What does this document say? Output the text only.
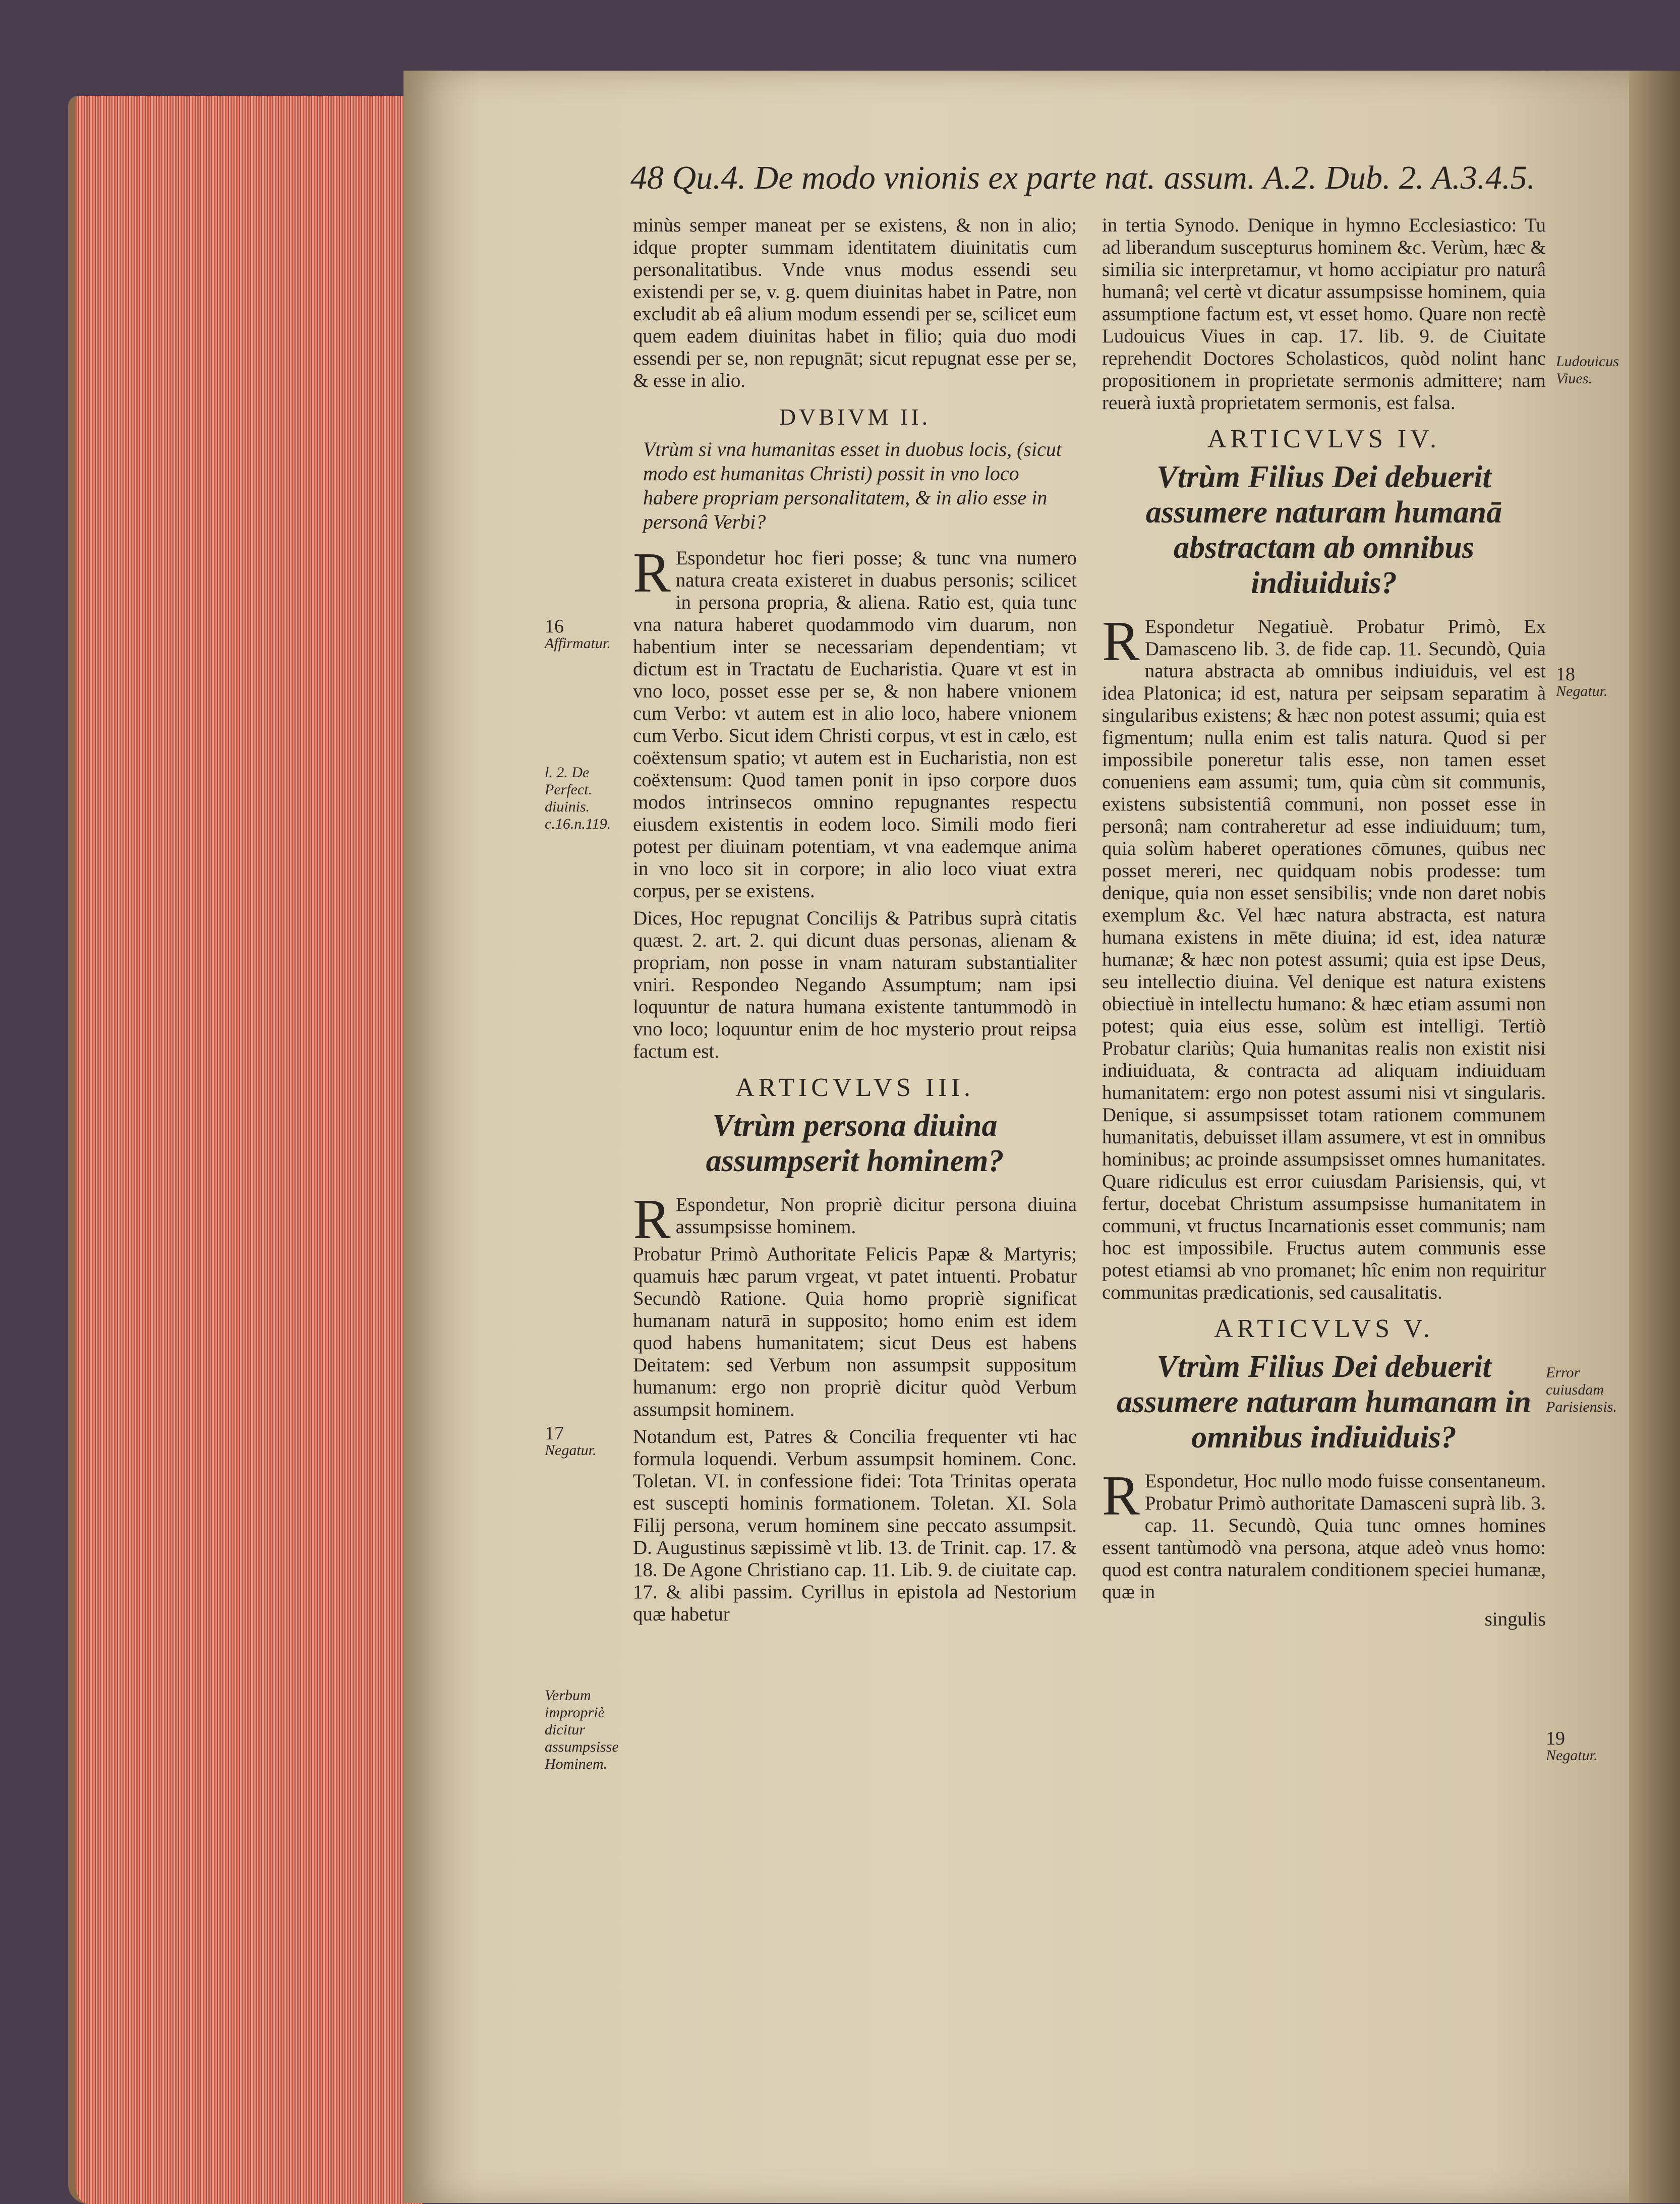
48 Qu.4. De modo vnionis ex parte nat. assum. A.2. Dub. 2. A.3.4.5.

minùs semper maneat per se existens, & non in alio; idque propter summam identitatem diuinitatis cum personalitatibus. Vnde vnus modus essendi seu existendi per se, v. g. quem diuinitas habet in Patre, non excludit ab eâ alium modum essendi per se, scilicet eum quem eadem diuinitas habet in filio; quia duo modi essendi per se, non repugnāt; sicut repugnat esse per se, & esse in alio.

DVBIVM II.
Vtrùm si vna humanitas esset in duobus locis, (sicut modo est humanitas Christi) possit in vno loco habere propriam personalitatem, & in alio esse in personâ Verbi?

R Espondetur hoc fieri posse; & tunc vna numero natura creata existeret in duabus personis; scilicet in persona propria, & aliena. Ratio est, quia tunc vna natura haberet quodammodo vim duarum, non habentium inter se necessariam dependentiam; vt dictum est in Tractatu de Eucharistia. Quare vt est in vno loco, posset esse per se, & non habere vnionem cum Verbo: vt autem est in alio loco, habere vnionem cum Verbo. Sicut idem Christi corpus, vt est in cælo, est coëxtensum spatio; vt autem est in Eucharistia, non est coëxtensum: Quod tamen ponit in ipso corpore duos modos intrinsecos omnino repugnantes respectu eiusdem existentis in eodem loco. Simili modo fieri potest per diuinam potentiam, vt vna eademque anima in vno loco sit in corpore; in alio loco viuat extra corpus, per se existens.

Dices, Hoc repugnat Concilijs & Patribus suprà citatis quæst. 2. art. 2. qui dicunt duas personas, alienam & propriam, non posse in vnam naturam substantialiter vniri. Respondeo Negando Assumptum; nam ipsi loquuntur de natura humana existente tantummodò in vno loco; loquuntur enim de hoc mysterio prout reipsa factum est.

ARTICVLVS III.
Vtrùm persona diuina assumpserit hominem?

R Espondetur, Non propriè dicitur persona diuina assumpsisse hominem.

Probatur Primò Authoritate Felicis Papæ & Martyris; quamuis hæc parum vrgeat, vt patet intuenti. Probatur Secundò Ratione. Quia homo propriè significat humanam naturā in supposito; homo enim est idem quod habens humanitatem; sicut Deus est habens Deitatem: sed Verbum non assumpsit suppositum humanum: ergo non propriè dicitur quòd Verbum assumpsit hominem.

Notandum est, Patres & Concilia frequenter vti hac formula loquendi. Verbum assumpsit hominem. Conc. Toletan. VI. in confessione fidei: Tota Trinitas operata est suscepti hominis formationem. Toletan. XI. Sola Filij persona, verum hominem sine peccato assumpsit. D. Augustinus sæpissimè vt lib. 13. de Trinit. cap. 17. & 18. De Agone Christiano cap. 11. Lib. 9. de ciuitate cap. 17. & alibi passim. Cyrillus in epistola ad Nestorium quæ habetur

in tertia Synodo. Denique in hymno Ecclesiastico: Tu ad liberandum suscepturus hominem &c. Verùm, hæc & similia sic interpretamur, vt homo accipiatur pro naturâ humanâ; vel certè vt dicatur assumpsisse hominem, quia assumptione factum est, vt esset homo. Quare non rectè Ludouicus Viues in cap. 17. lib. 9. de Ciuitate reprehendit Doctores Scholasticos, quòd nolint hanc propositionem in proprietate sermonis admittere; nam reuerà iuxtà proprietatem sermonis, est falsa.

ARTICVLVS IV.
Vtrùm Filius Dei debuerit assumere naturam humanā abstractam ab omnibus indiuiduis?

R Espondetur Negatiuè. Probatur Primò, Ex Damasceno lib. 3. de fide cap. 11. Secundò, Quia natura abstracta ab omnibus indiuiduis, vel est idea Platonica; id est, natura per seipsam separatim à singularibus existens; & hæc non potest assumi; quia est figmentum; nulla enim est talis natura. Quod si per impossibile poneretur talis esse, non tamen esset conueniens eam assumi; tum, quia cùm sit communis, existens subsistentiâ communi, non posset esse in personâ; nam contraheretur ad esse indiuiduum; tum, quia solùm haberet operationes cōmunes, quibus nec posset mereri, nec quidquam nobis prodesse: tum denique, quia non esset sensibilis; vnde non daret nobis exemplum &c. Vel hæc natura abstracta, est natura humana existens in mēte diuina; id est, idea naturæ humanæ; & hæc non potest assumi; quia est ipse Deus, seu intellectio diuina. Vel denique est natura existens obiectiuè in intellectu humano: & hæc etiam assumi non potest; quia eius esse, solùm est intelligi. Tertiò Probatur clariùs; Quia humanitas realis non existit nisi indiuiduata, & contracta ad aliquam indiuiduam humanitatem: ergo non potest assumi nisi vt singularis. Denique, si assumpsisset totam rationem communem humanitatis, debuisset illam assumere, vt est in omnibus hominibus; ac proinde assumpsisset omnes humanitates. Quare ridiculus est error cuiusdam Parisiensis, qui, vt fertur, docebat Christum assumpsisse humanitatem in communi, vt fructus Incarnationis esset communis; nam hoc est impossibile. Fructus autem communis esse potest etiamsi ab vno promanet; hîc enim non requiritur communitas prædicationis, sed causalitatis.

ARTICVLVS V.
Vtrùm Filius Dei debuerit assumere naturam humanam in omnibus indiuiduis?

R Espondetur, Hoc nullo modo fuisse consentaneum. Probatur Primò authoritate Damasceni suprà lib. 3. cap. 11. Secundò, Quia tunc omnes homines essent tantùmodò vna persona, atque adeò vnus homo: quod est contra naturalem conditionem speciei humanæ, quæ in

singulis
16
Affirmatur.
l. 2. De Perfect. diuinis. c.16.n.119.
17
Negatur.
Verbum impropriè dicitur assumpsisse Hominem.
Ludouicus Viues.
18
Negatur.
Error cuiusdam Parisiensis.
19
Negatur.
